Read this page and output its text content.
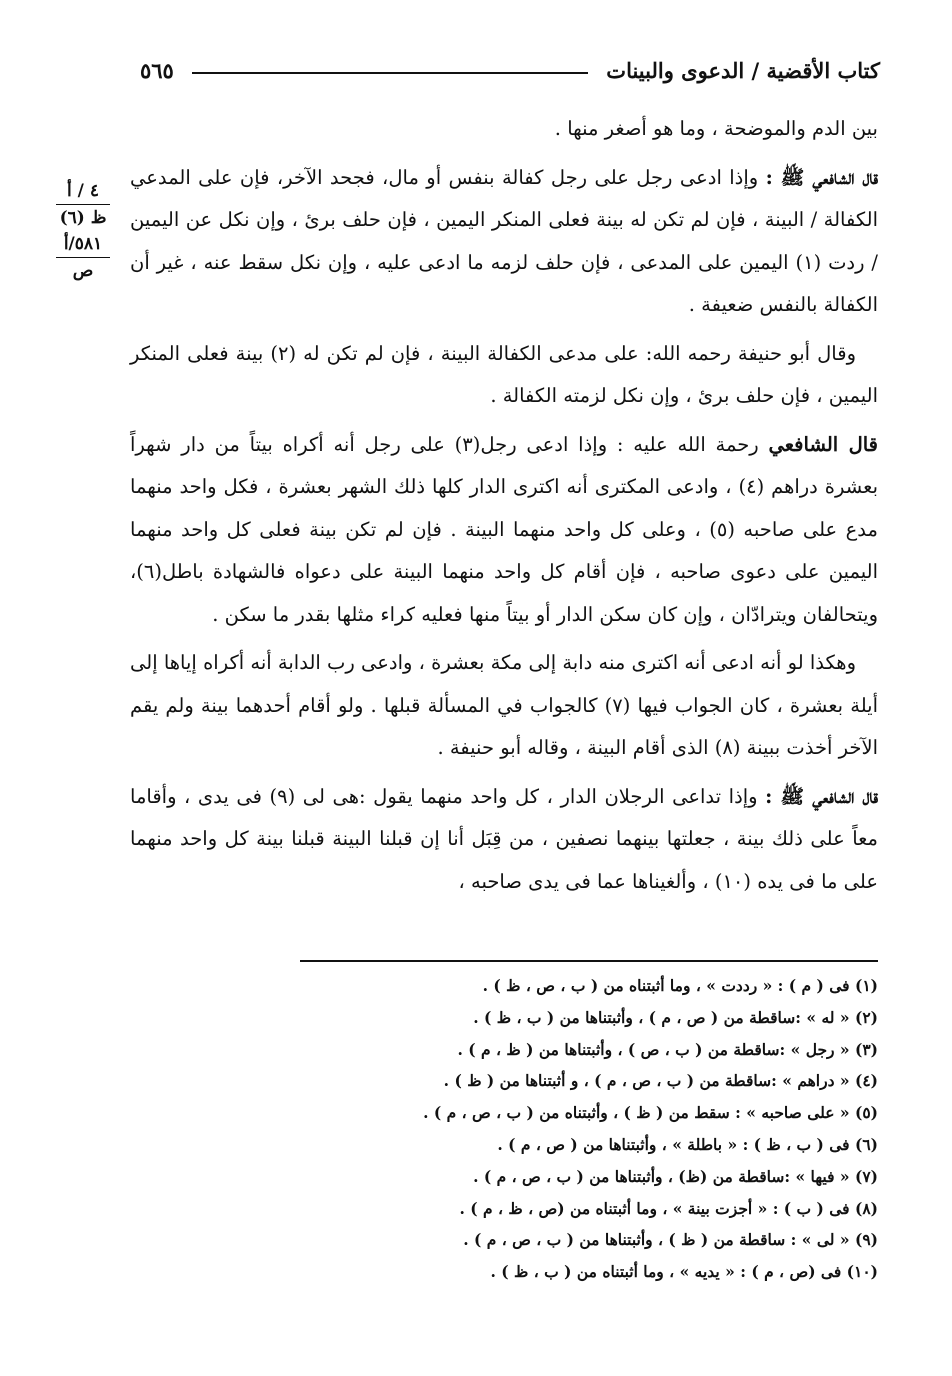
كتاب الأقضية / الدعوى والبينات
٥٦٥
٤ / أ
ظ (٦)
٥٨١/أ
ص

بين الدم والموضحة ، وما هو أصغر منها .

قال الشافعي ﷺ : وإذا ادعى رجل على رجل كفالة بنفس أو مال، فجحد الآخر، فإن على المدعي الكفالة / البينة ، فإن لم تكن له بينة فعلى المنكر اليمين ، فإن حلف برئ ، وإن نكل عن اليمين / ردت (١) اليمين على المدعى ، فإن حلف لزمه ما ادعى عليه ، وإن نكل سقط عنه ، غير أن الكفالة بالنفس ضعيفة .

وقال أبو حنيفة رحمه الله: على مدعى الكفالة البينة ، فإن لم تكن له (٢) بينة فعلى المنكر اليمين ، فإن حلف برئ ، وإن نكل لزمته الكفالة .

قال الشافعي رحمة الله عليه : وإذا ادعى رجل(٣) على رجل أنه أكراه بيتاً من دار شهراً بعشرة دراهم (٤) ، وادعى المكترى أنه اكترى الدار كلها ذلك الشهر بعشرة ، فكل واحد منهما مدع على صاحبه (٥) ، وعلى كل واحد منهما البينة . فإن لم تكن بينة فعلى كل واحد منهما اليمين على دعوى صاحبه ، فإن أقام كل واحد منهما البينة على دعواه فالشهادة باطل(٦)، ويتحالفان ويترادّان ، وإن كان سكن الدار أو بيتاً منها فعليه كراء مثلها بقدر ما سكن .

وهكذا لو أنه ادعى أنه اكترى منه دابة إلى مكة بعشرة ، وادعى رب الدابة أنه أكراه إياها إلى أيلة بعشرة ، كان الجواب فيها (٧) كالجواب في المسألة قبلها . ولو أقام أحدهما بينة ولم يقم الآخر أخذت ببينة (٨) الذى أقام البينة ، وقاله أبو حنيفة .

قال الشافعي ﷺ : وإذا تداعى الرجلان الدار ، كل واحد منهما يقول :هى لى (٩) فى يدى ، وأقاما معاً على ذلك بينة ، جعلتها بينهما نصفين ، من قِبَل أنا إن قبلنا البينة قبلنا بينة كل واحد منهما على ما فى يده (١٠) ، وألغيناها عما فى يدى صاحبه ،

(١) فى ( م ) : « رددت » ، وما أثبتناه من ( ب ، ص ، ظ ) .
(٢) « له » :ساقطة من ( ص ، م ) ، وأثبتناها من ( ب ، ظ ) .
(٣) « رجل » :ساقطة من ( ب ، ص ) ، وأثبتناها من ( ظ ، م ) .
(٤) « دراهم » :ساقطة من ( ب ، ص ، م ) ، و أثبتناها من ( ظ ) .
(٥) « على صاحبه » : سقط من ( ظ ) ، وأثبتناه من ( ب ، ص ، م ) .
(٦) فى ( ب ، ظ ) : « باطلة » ، وأثبتناها من ( ص ، م ) .
(٧) « فيها » :ساقطة من (ظ) ، وأثبتناها من ( ب ، ص ، م ) .
(٨) فى ( ب ) : « أجزت بينة » ، وما أثبتناه من (ص ، ظ ، م ) .
(٩) « لى » : ساقطة من ( ظ ) ، وأثبتناها من ( ب ، ص ، م ) .
(١٠) فى (ص ، م ) : « يديه » ، وما أثبتناه من ( ب ، ظ ) .
